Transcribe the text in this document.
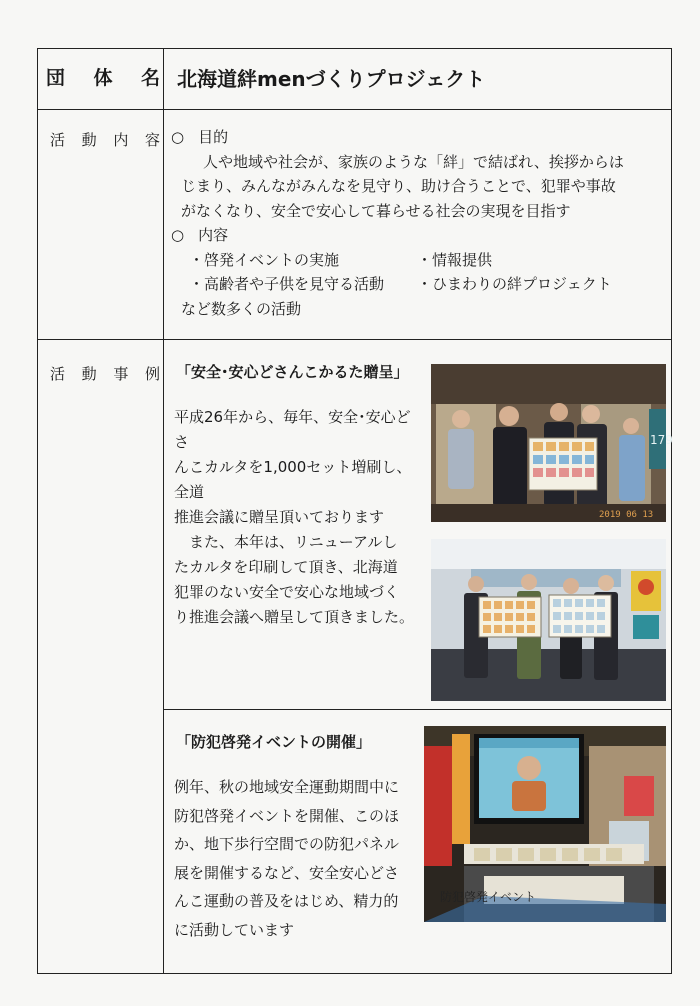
団 体 名 北海道絆menづくりプロジェクト
活 動 内 容 ○ 目的
人や地域や社会が、家族のような「絆」で結ばれ、挨拶からは
じまり、みんながみんなを見守り、助け合うことで、犯罪や事故
がなくなり、安全で安心して暮らせる社会の実現を目指す
○ 内容
・啓発イベントの実施	・情報提供
・高齢者や子供を見守る活動	・ひまわりの絆プロジェクト
など数多くの活動
活 動 事 例 「安全･安心どさんこかるた贈呈」
平成26年から、毎年、安全･安心どさ
んこカルタを1,000セット増刷し、全道
推進会議に贈呈頂いております
また、本年は、リニューアルし
たカルタを印刷して頂き、北海道
犯罪のない安全で安心な地域づく
り推進会議へ贈呈して頂きました。
179
2019 06 13
「防犯啓発イベントの開催」
例年、秋の地域安全運動期間中に
防犯啓発イベントを開催、このほ
か、地下歩行空間での防犯パネル
展を開催するなど、安全安心どさ
んこ運動の普及をはじめ、精力的
に活動しています
防犯啓発イベント
